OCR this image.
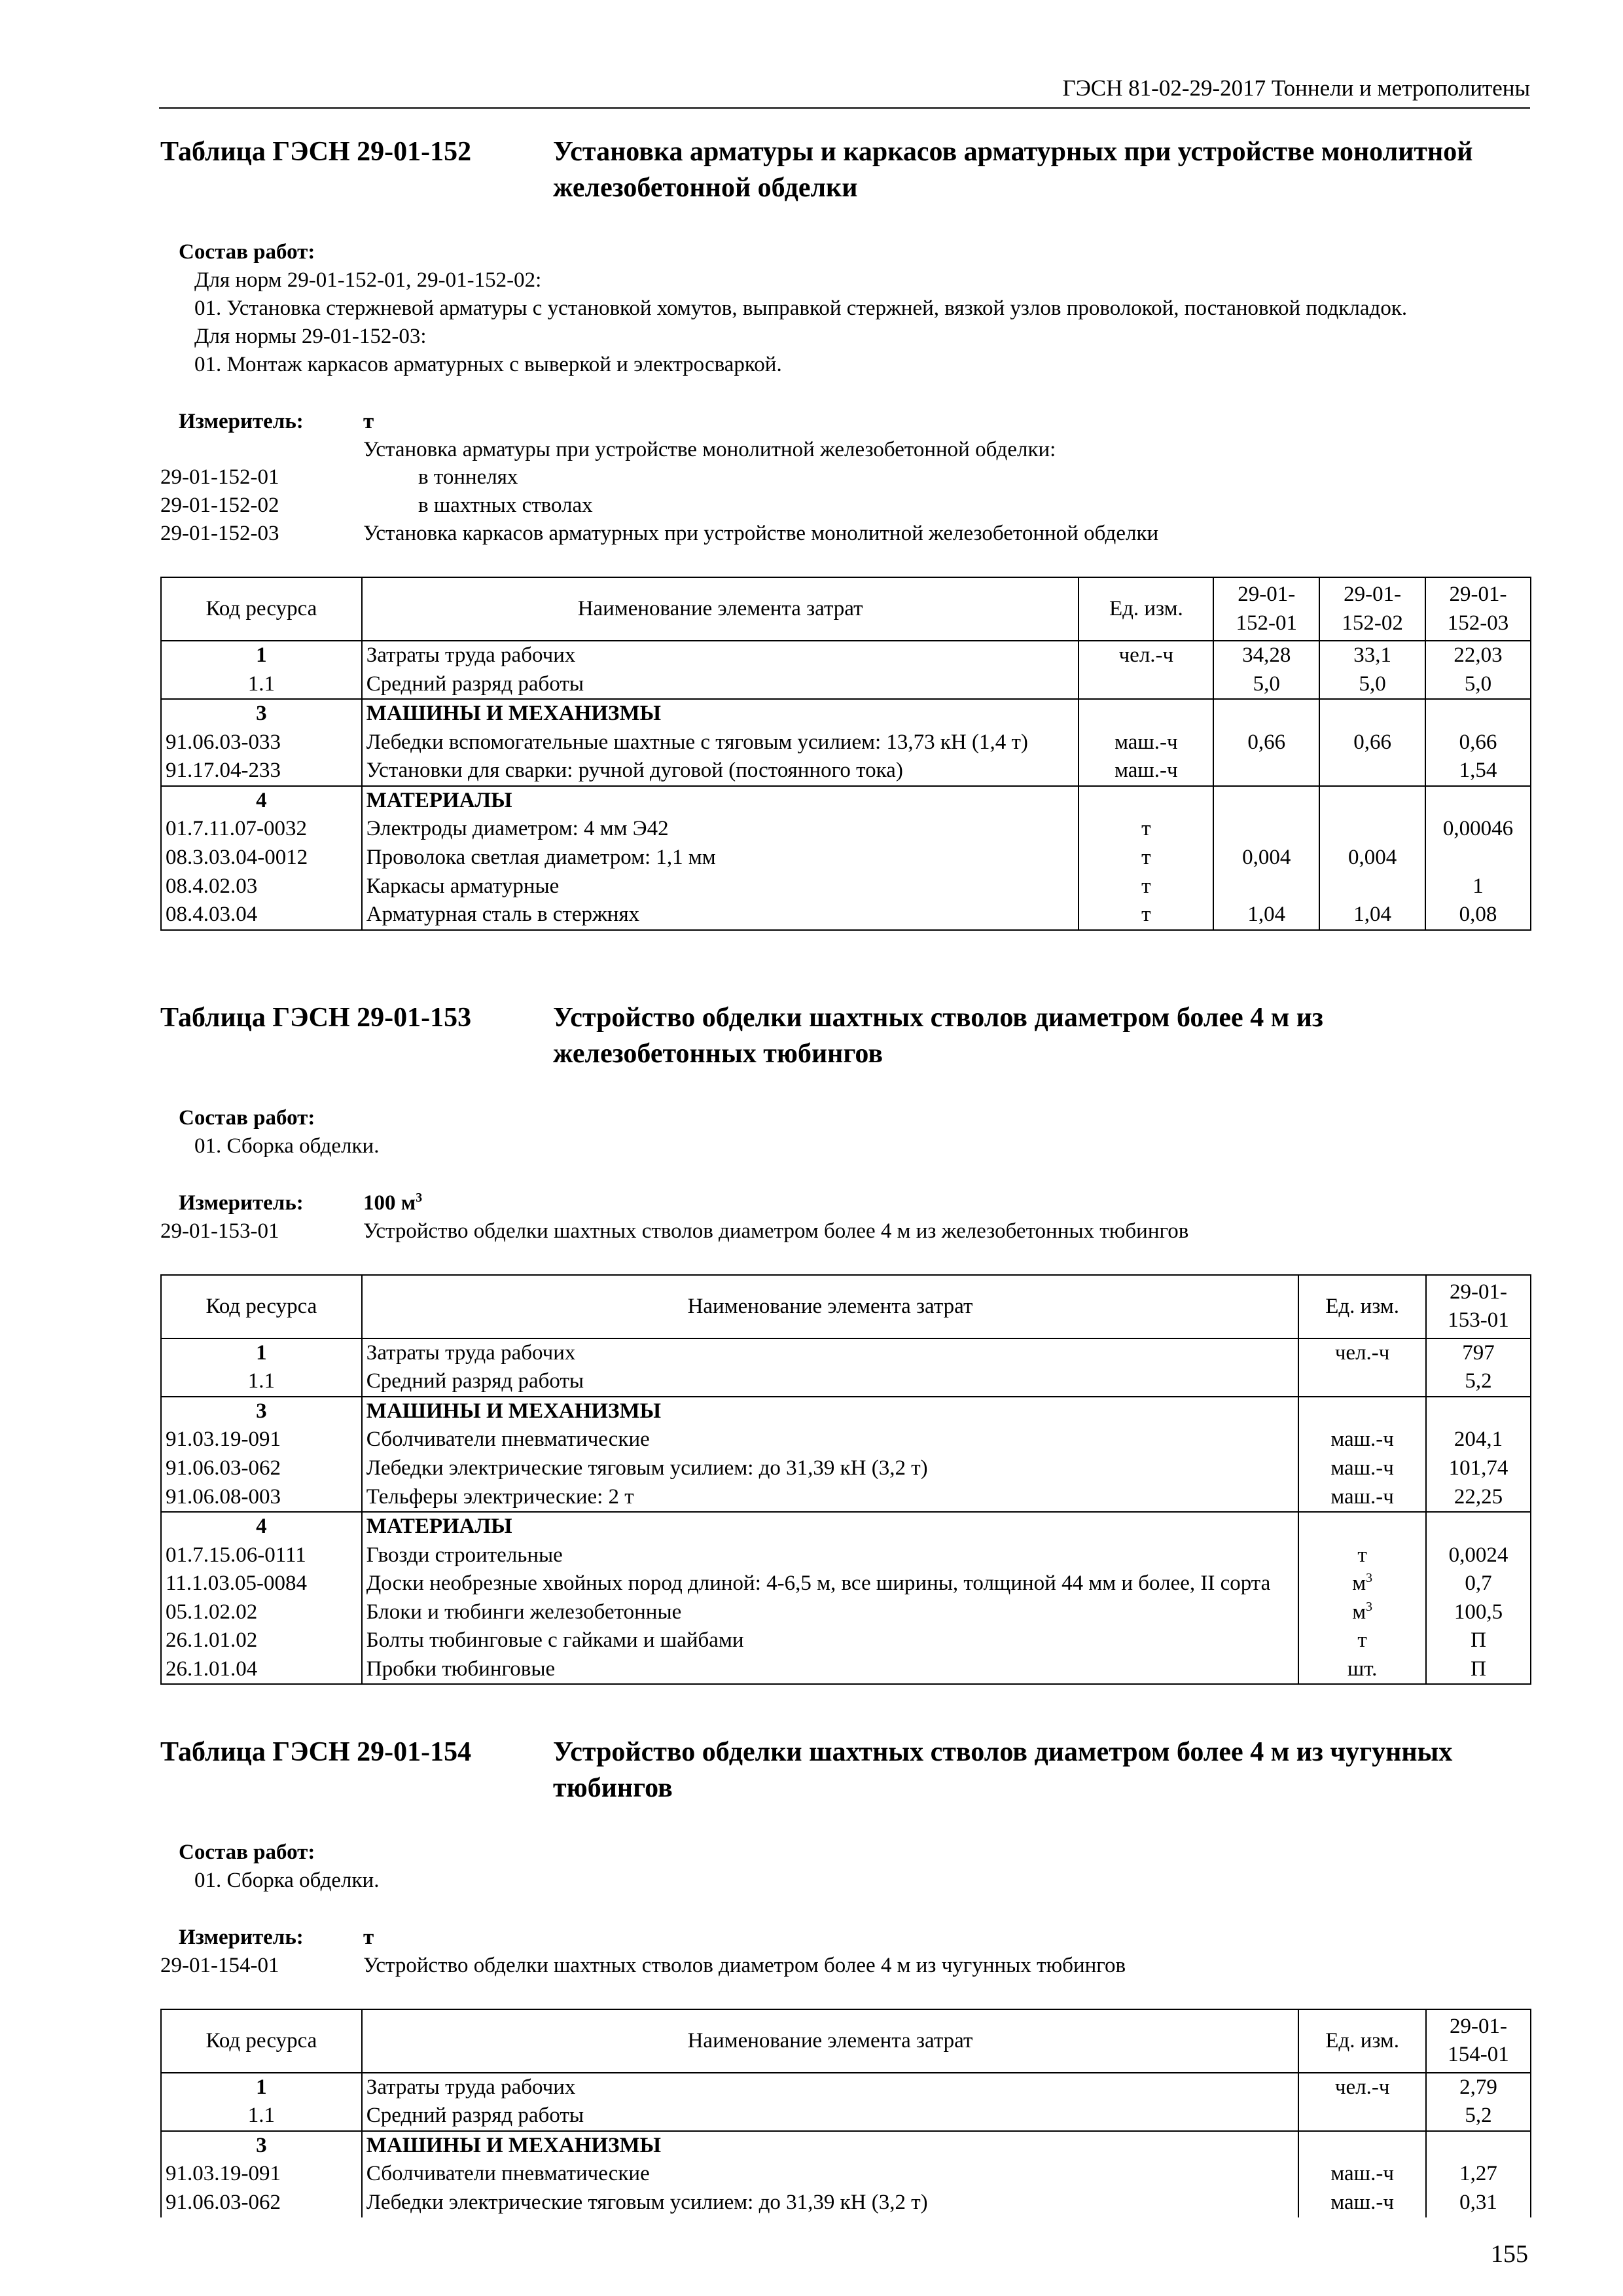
ГЭСН 81-02-29-2017 Тоннели и метрополитены
Таблица ГЭСН 29-01-152	Установка арматуры и каркасов арматурных при устройстве монолитной железобетонной обделки
Состав работ:
Для норм 29-01-152-01, 29-01-152-02:
01. Установка стержневой арматуры с установкой хомутов, выправкой стержней, вязкой узлов проволокой, постановкой подкладок.
Для нормы 29-01-152-03:
01. Монтаж каркасов арматурных с выверкой и электросваркой.
Измеритель:	т
Установка арматуры при устройстве монолитной железобетонной обделки:
29-01-152-01	в тоннелях
29-01-152-02	в шахтных стволах
29-01-152-03	Установка каркасов арматурных при устройстве монолитной железобетонной обделки
Код ресурса	Наименование элемента затрат	Ед. изм.	29-01-152-01	29-01-152-02	29-01-152-03
1	Затраты труда рабочих	чел.-ч	34,28	33,1	22,03
1.1	Средний разряд работы		5,0	5,0	5,0
3	МАШИНЫ И МЕХАНИЗМЫ				
91.06.03-033	Лебедки вспомогательные шахтные с тяговым усилием: 13,73 кН (1,4 т)	маш.-ч	0,66	0,66	0,66
91.17.04-233	Установки для сварки: ручной дуговой (постоянного тока)	маш.-ч			1,54
4	МАТЕРИАЛЫ				
01.7.11.07-0032	Электроды диаметром: 4 мм Э42	т			0,00046
08.3.03.04-0012	Проволока светлая диаметром: 1,1 мм	т	0,004	0,004	
08.4.02.03	Каркасы арматурные	т			1
08.4.03.04	Арматурная сталь в стержнях	т	1,04	1,04	0,08
Таблица ГЭСН 29-01-153	Устройство обделки шахтных стволов диаметром более 4 м из железобетонных тюбингов
Состав работ:
01. Сборка обделки.
Измеритель:	100 $м^3$
29-01-153-01	Устройство обделки шахтных стволов диаметром более 4 м из железобетонных тюбингов
Код ресурса	Наименование элемента затрат	Ед. изм.	29-01-153-01
1	Затраты труда рабочих	чел.-ч	797
1.1	Средний разряд работы		5,2
3	МАШИНЫ И МЕХАНИЗМЫ		
91.03.19-091	Сболчиватели пневматические	маш.-ч	204,1
91.06.03-062	Лебедки электрические тяговым усилием: до 31,39 кН (3,2 т)	маш.-ч	101,74
91.06.08-003	Тельферы электрические: 2 т	маш.-ч	22,25
4	МАТЕРИАЛЫ		
01.7.15.06-0111	Гвозди строительные	т	0,0024
11.1.03.05-0084	Доски необрезные хвойных пород длиной: 4-6,5 м, все ширины, толщиной 44 мм и более, II сорта	$м^3$	0,7
05.1.02.02	Блоки и тюбинги железобетонные	$м^3$	100,5
26.1.01.02	Болты тюбинговые с гайками и шайбами	т	П
26.1.01.04	Пробки тюбинговые	шт.	П
Таблица ГЭСН 29-01-154	Устройство обделки шахтных стволов диаметром более 4 м из чугунных тюбингов
Состав работ:
01. Сборка обделки.
Измеритель:	т
29-01-154-01	Устройство обделки шахтных стволов диаметром более 4 м из чугунных тюбингов
Код ресурса	Наименование элемента затрат	Ед. изм.	29-01-154-01
1	Затраты труда рабочих	чел.-ч	2,79
1.1	Средний разряд работы		5,2
3	МАШИНЫ И МЕХАНИЗМЫ		
91.03.19-091	Сболчиватели пневматические	маш.-ч	1,27
91.06.03-062	Лебедки электрические тяговым усилием: до 31,39 кН (3,2 т)	маш.-ч	0,31
155
